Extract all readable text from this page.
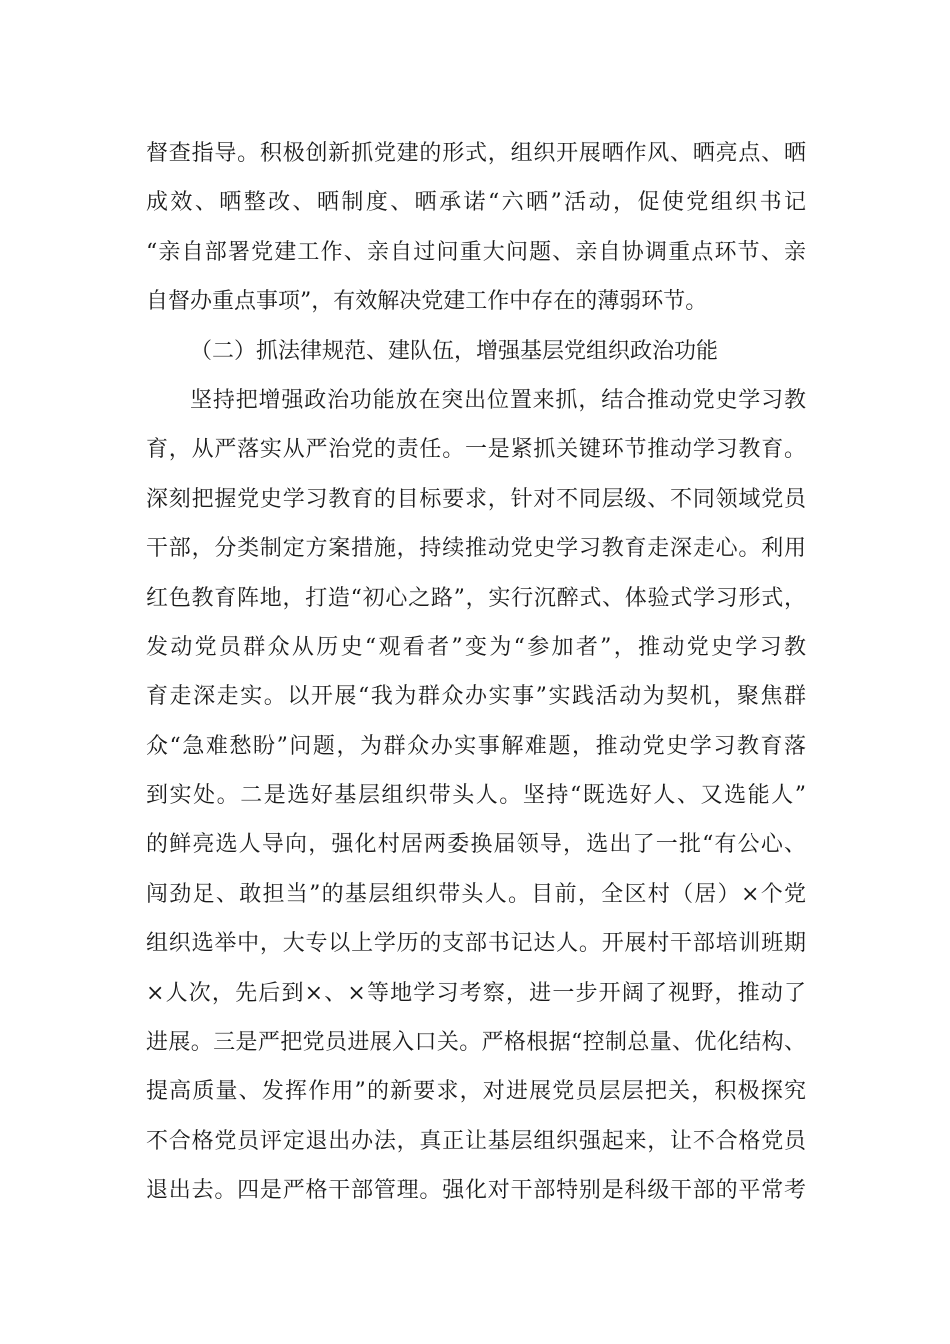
督查指导。积极创新抓党建的形式，组织开展晒作风、晒亮点、晒
成效、晒整改、晒制度、晒承诺“六晒”活动，促使党组织书记
“亲自部署党建工作、亲自过问重大问题、亲自协调重点环节、亲
自督办重点事项”，有效解决党建工作中存在的薄弱环节。
（二）抓法律规范、建队伍，增强基层党组织政治功能
坚持把增强政治功能放在突出位置来抓，结合推动党史学习教
育，从严落实从严治党的责任。一是紧抓关键环节推动学习教育。
深刻把握党史学习教育的目标要求，针对不同层级、不同领域党员
干部，分类制定方案措施，持续推动党史学习教育走深走心。利用
红色教育阵地，打造“初心之路”，实行沉醉式、体验式学习形式，
发动党员群众从历史“观看者”变为“参加者”，推动党史学习教
育走深走实。以开展“我为群众办实事”实践活动为契机，聚焦群
众“急难愁盼”问题，为群众办实事解难题，推动党史学习教育落
到实处。二是选好基层组织带头人。坚持“既选好人、又选能人”
的鲜亮选人导向，强化村居两委换届领导，选出了一批“有公心、
闯劲足、敢担当”的基层组织带头人。目前，全区村（居）×个党
组织选举中，大专以上学历的支部书记达人。开展村干部培训班期
×人次，先后到×、×等地学习考察，进一步开阔了视野，推动了
进展。三是严把党员进展入口关。严格根据“控制总量、优化结构、
提高质量、发挥作用”的新要求，对进展党员层层把关，积极探究
不合格党员评定退出办法，真正让基层组织强起来，让不合格党员
退出去。四是严格干部管理。强化对干部特别是科级干部的平常考
